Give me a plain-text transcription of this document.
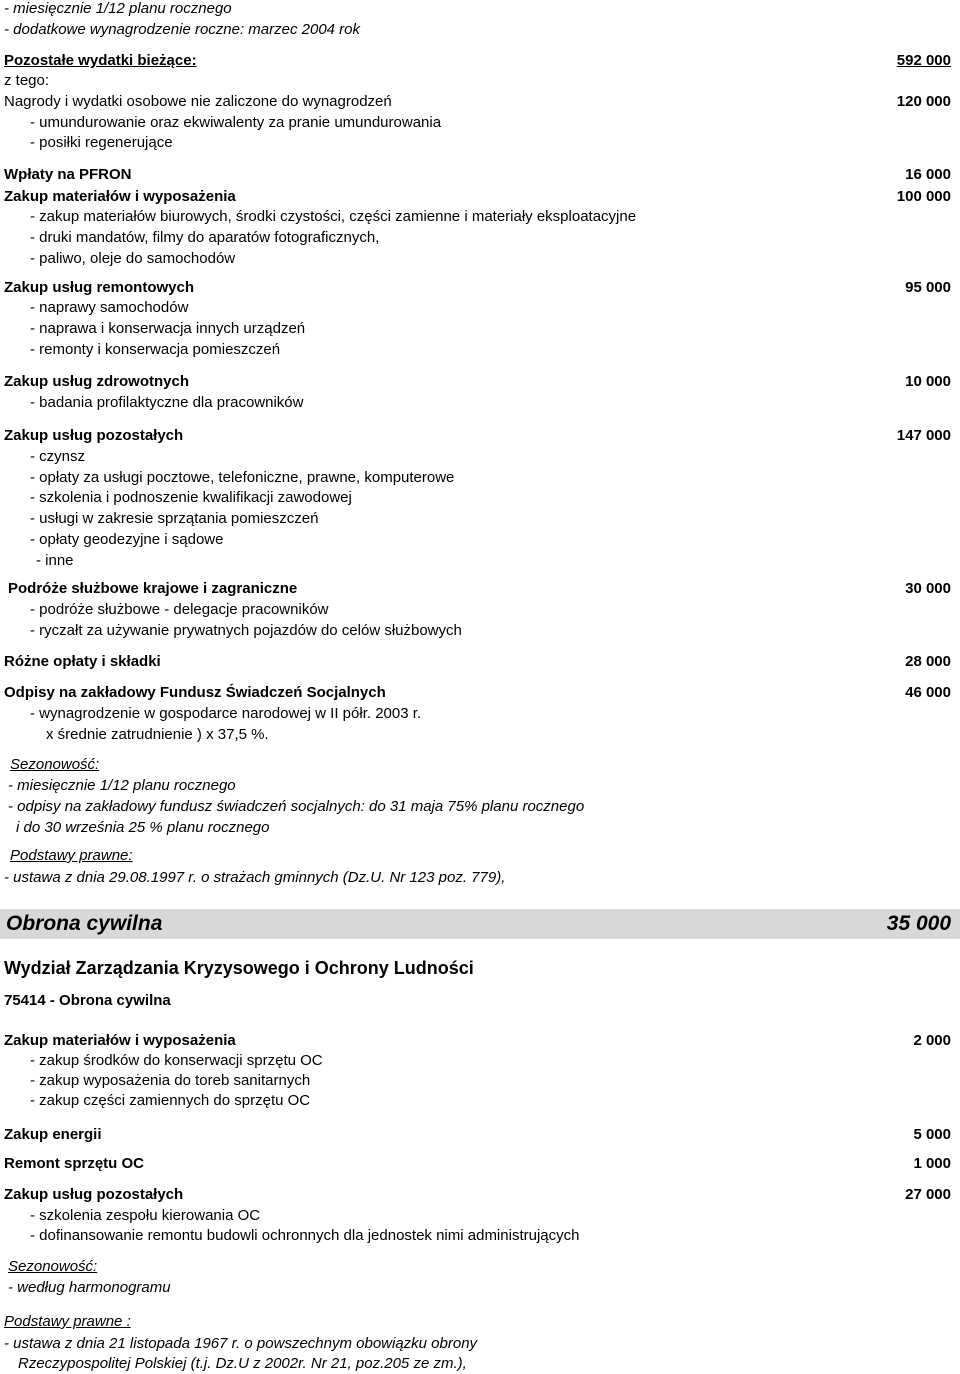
- miesięcznie 1/12 planu rocznego
- dodatkowe wynagrodzenie roczne: marzec 2004 rok
Pozostałe wydatki bieżące:	592 000
z tego:
Nagrody i wydatki osobowe nie zaliczone do wynagrodzeń	120 000
- umundurowanie oraz ekwiwalenty za pranie umundurowania
- posiłki regenerujące
Wpłaty na PFRON	16 000
Zakup materiałów i wyposażenia	100 000
- zakup materiałów biurowych, środki czystości, części zamienne i materiały eksploatacyjne
- druki mandatów, filmy do aparatów fotograficznych,
- paliwo, oleje do samochodów
Zakup usług remontowych	95 000
- naprawy samochodów
- naprawa i konserwacja innych urządzeń
- remonty i konserwacja pomieszczeń
Zakup usług zdrowotnych	10 000
- badania profilaktyczne dla pracowników
Zakup usług pozostałych	147 000
- czynsz
- opłaty za usługi pocztowe, telefoniczne, prawne, komputerowe
- szkolenia i podnoszenie kwalifikacji zawodowej
- usługi w zakresie sprzątania pomieszczeń
- opłaty geodezyjne i sądowe
- inne
Podróże służbowe krajowe i zagraniczne	30 000
- podróże służbowe - delegacje pracowników
- ryczałt za używanie prywatnych pojazdów do celów służbowych
Różne opłaty i składki	28 000
Odpisy na zakładowy Fundusz Świadczeń Socjalnych	46 000
- wynagrodzenie w gospodarce narodowej w II półr. 2003 r.
x średnie zatrudnienie ) x 37,5 %.
Sezonowość:
- miesięcznie 1/12 planu rocznego
- odpisy na zakładowy fundusz świadczeń socjalnych: do 31 maja 75% planu rocznego
i do 30 września 25 % planu rocznego
Podstawy prawne:
- ustawa z dnia 29.08.1997 r. o strażach gminnych (Dz.U. Nr 123 poz. 779),
Obrona cywilna	35 000
Wydział Zarządzania Kryzysowego i Ochrony Ludności
75414 - Obrona cywilna
Zakup materiałów i wyposażenia	2 000
- zakup środków do konserwacji sprzętu OC
- zakup wyposażenia do toreb sanitarnych
- zakup części zamiennych do sprzętu OC
Zakup energii	5 000
Remont sprzętu OC	1 000
Zakup usług pozostałych	27 000
- szkolenia zespołu kierowania OC
- dofinansowanie remontu budowli ochronnych dla jednostek nimi administrujących
Sezonowość:
- według harmonogramu
Podstawy prawne :
- ustawa z dnia 21 listopada 1967 r. o powszechnym obowiązku obrony
Rzeczypospolitej Polskiej (t.j. Dz.U z 2002r. Nr 21, poz.205 ze zm.),
